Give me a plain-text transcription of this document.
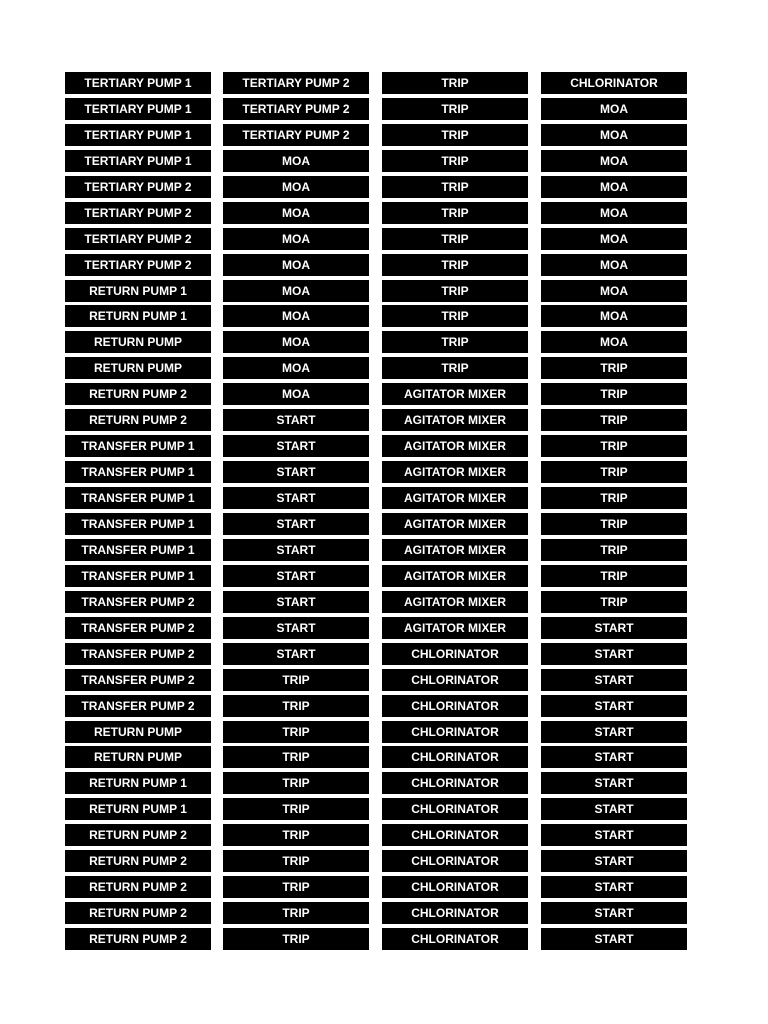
TERTIARY PUMP 1	TERTIARY PUMP 2	TRIP	CHLORINATOR
TERTIARY PUMP 1	TERTIARY PUMP 2	TRIP	MOA
TERTIARY PUMP 1	TERTIARY PUMP 2	TRIP	MOA
TERTIARY PUMP 1	MOA	TRIP	MOA
TERTIARY PUMP 2	MOA	TRIP	MOA
TERTIARY PUMP 2	MOA	TRIP	MOA
TERTIARY PUMP 2	MOA	TRIP	MOA
TERTIARY PUMP 2	MOA	TRIP	MOA
RETURN PUMP 1	MOA	TRIP	MOA
RETURN PUMP 1	MOA	TRIP	MOA
RETURN PUMP	MOA	TRIP	MOA
RETURN PUMP	MOA	TRIP	TRIP
RETURN PUMP 2	MOA	AGITATOR MIXER	TRIP
RETURN PUMP 2	START	AGITATOR MIXER	TRIP
TRANSFER PUMP 1	START	AGITATOR MIXER	TRIP
TRANSFER PUMP 1	START	AGITATOR MIXER	TRIP
TRANSFER PUMP 1	START	AGITATOR MIXER	TRIP
TRANSFER PUMP 1	START	AGITATOR MIXER	TRIP
TRANSFER PUMP 1	START	AGITATOR MIXER	TRIP
TRANSFER PUMP 1	START	AGITATOR MIXER	TRIP
TRANSFER PUMP 2	START	AGITATOR MIXER	TRIP
TRANSFER PUMP 2	START	AGITATOR MIXER	START
TRANSFER PUMP 2	START	CHLORINATOR	START
TRANSFER PUMP 2	TRIP	CHLORINATOR	START
TRANSFER PUMP 2	TRIP	CHLORINATOR	START
RETURN PUMP	TRIP	CHLORINATOR	START
RETURN PUMP	TRIP	CHLORINATOR	START
RETURN PUMP 1	TRIP	CHLORINATOR	START
RETURN PUMP 1	TRIP	CHLORINATOR	START
RETURN PUMP 2	TRIP	CHLORINATOR	START
RETURN PUMP 2	TRIP	CHLORINATOR	START
RETURN PUMP 2	TRIP	CHLORINATOR	START
RETURN PUMP 2	TRIP	CHLORINATOR	START
RETURN PUMP 2	TRIP	CHLORINATOR	START
